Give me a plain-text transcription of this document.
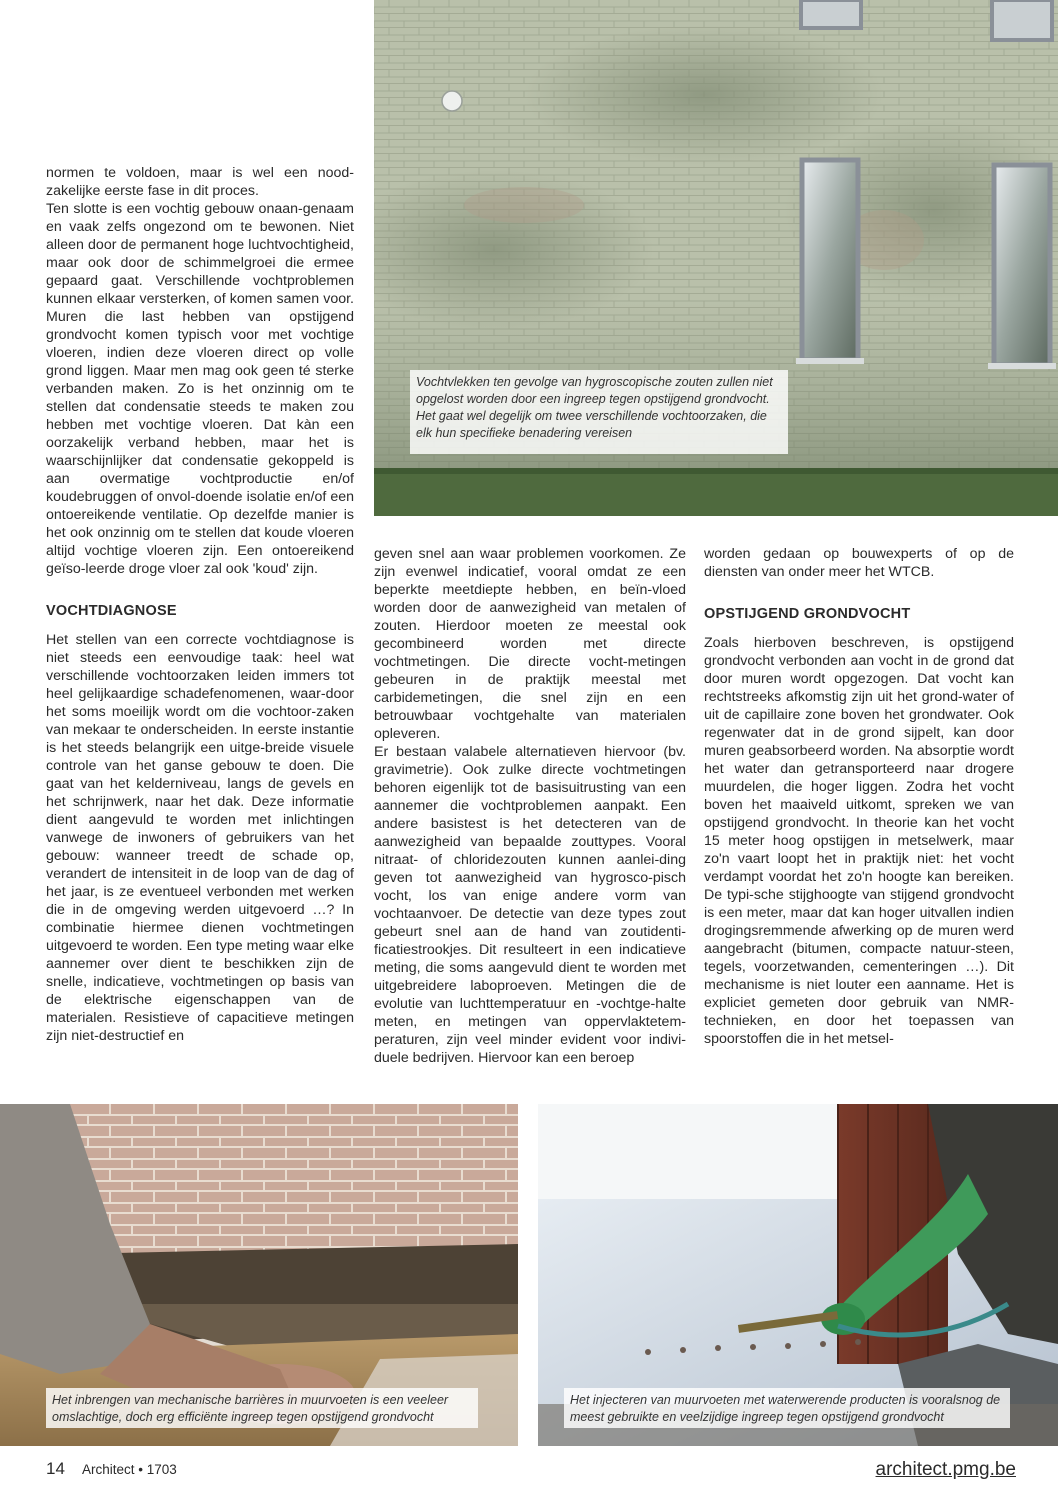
Vochtvlekken ten gevolge van hygroscopische zouten zullen niet opgelost worden door een ingreep tegen opstijgend grondvocht. Het gaat wel degelijk om twee verschillende vochtoorzaken, die elk hun specifieke benadering vereisen

normen te voldoen, maar is wel een nood-zakelijke eerste fase in dit proces.

Ten slotte is een vochtig gebouw onaan-genaam en vaak zelfs ongezond om te bewonen. Niet alleen door de permanent hoge luchtvochtigheid, maar ook door de schimmelgroei die ermee gepaard gaat. Verschillende vochtproblemen kunnen elkaar versterken, of komen samen voor. Muren die last hebben van opstijgend grondvocht komen typisch voor met vochtige vloeren, indien deze vloeren direct op volle grond liggen. Maar men mag ook geen té sterke verbanden maken. Zo is het onzinnig om te stellen dat condensatie steeds te maken zou hebben met vochtige vloeren. Dat kàn een oorzakelijk verband hebben, maar het is waarschijnlijker dat condensatie gekoppeld is aan overmatige vochtproductie en/of koudebruggen of onvol-doende isolatie en/of een ontoereikende ventilatie. Op dezelfde manier is het ook onzinnig om te stellen dat koude vloeren altijd vochtige vloeren zijn. Een ontoereikend geïso-leerde droge vloer zal ook 'koud' zijn.

VOCHTDIAGNOSE

Het stellen van een correcte vochtdiagnose is niet steeds een eenvoudige taak: heel wat verschillende vochtoorzaken leiden immers tot heel gelijkaardige schadefenomenen, waar-door het soms moeilijk wordt om die vochtoor-zaken van mekaar te onderscheiden. In eerste instantie is het steeds belangrijk een uitge-breide visuele controle van het ganse gebouw te doen. Die gaat van het kelderniveau, langs de gevels en het schrijnwerk, naar het dak. Deze informatie dient aangevuld te worden met inlichtingen vanwege de inwoners of gebruikers van het gebouw: wanneer treedt de schade op, verandert de intensiteit in de loop van de dag of het jaar, is ze eventueel verbonden met werken die in de omgeving werden uitgevoerd …? In combinatie hiermee dienen vochtmetingen uitgevoerd te worden. Een type meting waar elke aannemer over dient te beschikken zijn de snelle, indicatieve, vochtmetingen op basis van de elektrische eigenschappen van de materialen. Resistieve of capacitieve metingen zijn niet-destructief en

geven snel aan waar problemen voorkomen. Ze zijn evenwel indicatief, vooral omdat ze een beperkte meetdiepte hebben, en beïn-vloed worden door de aanwezigheid van metalen of zouten. Hierdoor moeten ze meestal ook gecombineerd worden met directe vochtmetingen. Die directe vocht-metingen gebeuren in de praktijk meestal met carbidemetingen, die snel zijn en een betrouwbaar vochtgehalte van materialen opleveren.

Er bestaan valabele alternatieven hiervoor (bv. gravimetrie). Ook zulke directe vochtmetingen behoren eigenlijk tot de basisuitrusting van een aannemer die vochtproblemen aanpakt. Een andere basistest is het detecteren van de aanwezigheid van bepaalde zouttypes. Vooral nitraat- of chloridezouten kunnen aanlei-ding geven tot aanwezigheid van hygrosco-pisch vocht, los van enige andere vorm van vochtaanvoer. De detectie van deze types zout gebeurt snel aan de hand van zoutidenti-ficatiestrookjes. Dit resulteert in een indicatieve meting, die soms aangevuld dient te worden met uitgebreidere laboproeven. Metingen die de evolutie van luchttemperatuur en -vochtge-halte meten, en metingen van oppervlaktetem-peraturen, zijn veel minder evident voor indivi-duele bedrijven. Hiervoor kan een beroep

worden gedaan op bouwexperts of op de diensten van onder meer het WTCB.

OPSTIJGEND GRONDVOCHT

Zoals hierboven beschreven, is opstijgend grondvocht verbonden aan vocht in de grond dat door muren wordt opgezogen. Dat vocht kan rechtstreeks afkomstig zijn uit het grond-water of uit de capillaire zone boven het grondwater. Ook regenwater dat in de grond sijpelt, kan door muren geabsorbeerd worden. Na absorptie wordt het water dan getransporteerd naar drogere muurdelen, die hoger liggen. Zodra het vocht boven het maaiveld uitkomt, spreken we van opstijgend grondvocht. In theorie kan het vocht 15 meter hoog opstijgen in metselwerk, maar zo'n vaart loopt het in praktijk niet: het vocht verdampt voordat het zo'n hoogte kan bereiken. De typi-sche stijghoogte van stijgend grondvocht is een meter, maar dat kan hoger uitvallen indien drogingsremmende afwerking op de muren werd aangebracht (bitumen, compacte natuur-steen, tegels, voorzetwanden, cementeringen …). Dit mechanisme is niet louter een aanname. Het is expliciet gemeten door gebruik van NMR-technieken, en door het toepassen van spoorstoffen die in het metsel-

Het inbrengen van mechanische barrières in muurvoeten is een veeleer omslachtige, doch erg efficiënte ingreep tegen opstijgend grondvocht
Het injecteren van muurvoeten met waterwerende producten is vooralsnog de meest gebruikte en veelzijdige ingreep tegen opstijgend grondvocht
14 Architect • 1703	architect.pmg.be
